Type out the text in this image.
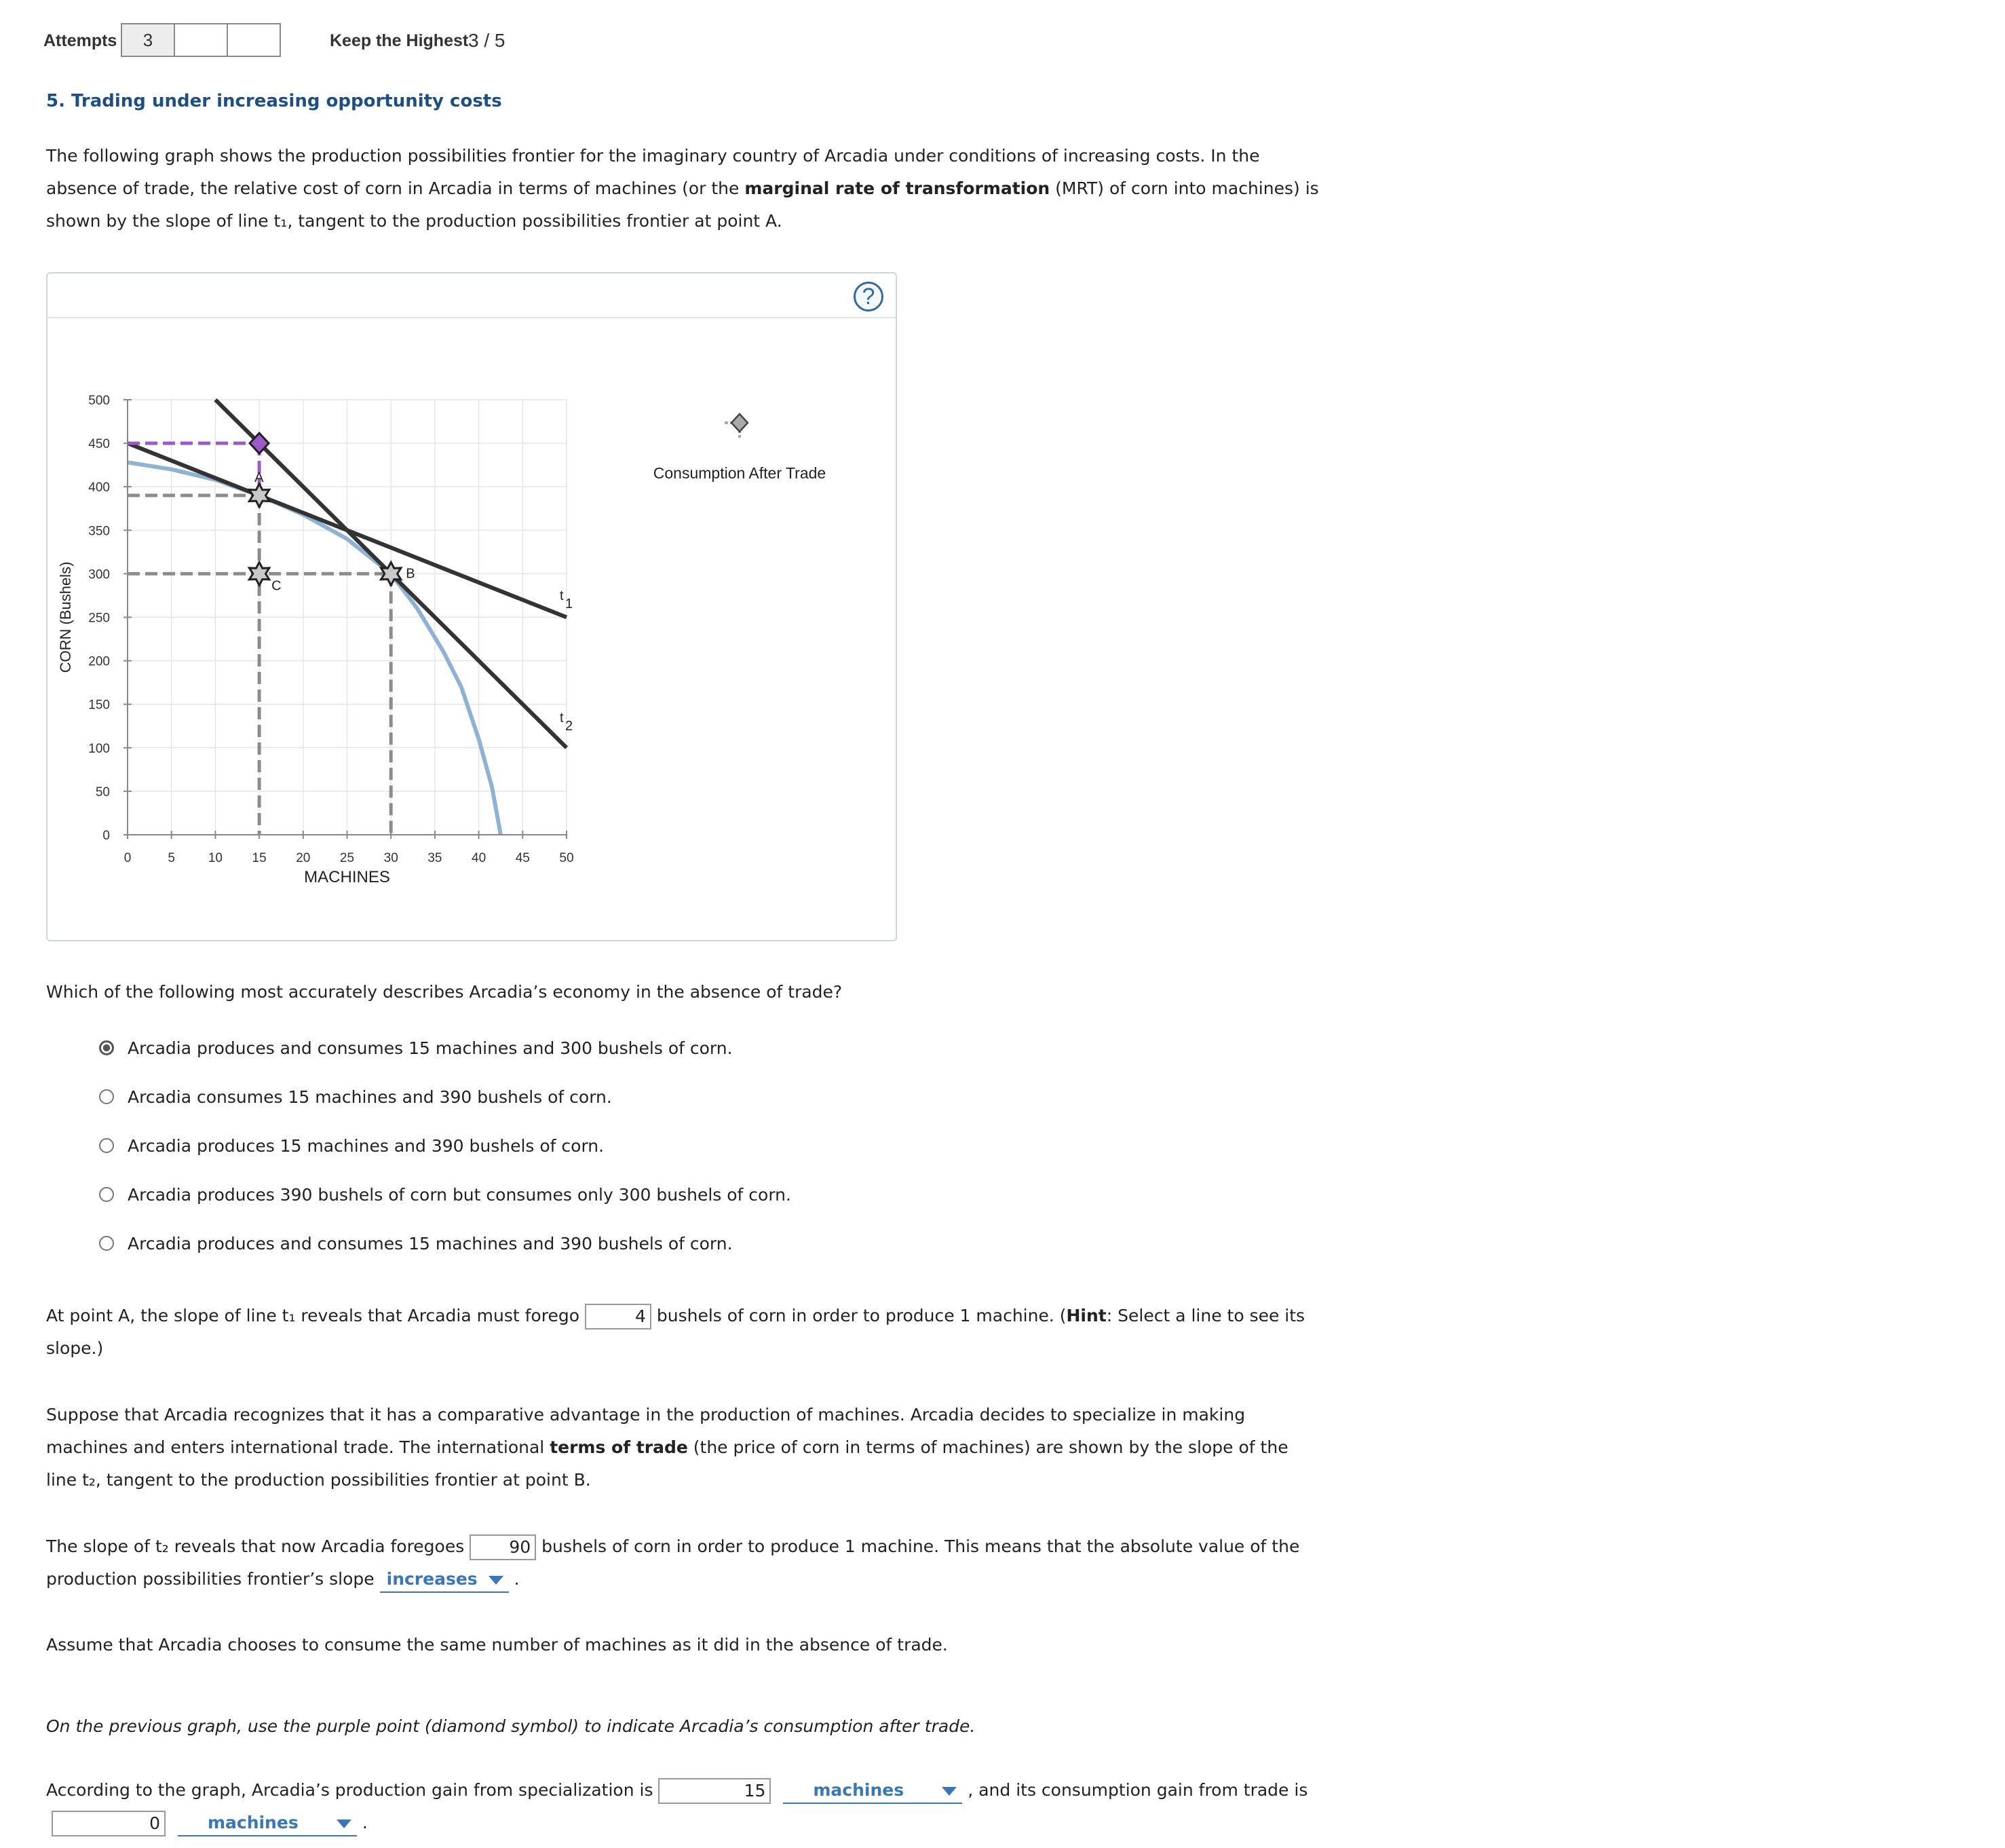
Attempts	3	Keep the Highest 3 / 5
5. Trading under increasing opportunity costs
The following graph shows the production possibilities frontier for the imaginary country of Arcadia under conditions of increasing costs. In the absence of trade, the relative cost of corn in Arcadia in terms of machines (or the marginal rate of transformation (MRT) of corn into machines) is shown by the slope of line t₁, tangent to the production possibilities frontier at point A.
?
0	5	10 15 20 25 30 35 40 45 50
0
50
100
150
200
250
300
350
400
450
500
MACHINES
CORN (Bushels)
A
B
C
t
1
t
2
Consumption After Trade
Which of the following most accurately describes Arcadia’s economy in the absence of trade?
Arcadia produces and consumes 15 machines and 300 bushels of corn.
Arcadia consumes 15 machines and 390 bushels of corn.
Arcadia produces 15 machines and 390 bushels of corn.
Arcadia produces 390 bushels of corn but consumes only 300 bushels of corn.
Arcadia produces and consumes 15 machines and 390 bushels of corn.
At point A, the slope of line t₁ reveals that Arcadia must forego	4 bushels of corn in order to produce 1 machine. (Hint: Select a line to see its slope.)
Suppose that Arcadia recognizes that it has a comparative advantage in the production of machines. Arcadia decides to specialize in making machines and enters international trade. The international terms of trade (the price of corn in terms of machines) are shown by the slope of the line t₂, tangent to the production possibilities frontier at point B.
The slope of t₂ reveals that now Arcadia foregoes 90 bushels of corn in order to produce 1 machine. This means that the absolute value of the production possibilities frontier’s slope increases
.
Assume that Arcadia chooses to consume the same number of machines as it did in the absence of trade.
On the previous graph, use the purple point (diamond symbol) to indicate Arcadia’s consumption after trade.
According to the graph, Arcadia’s production gain from specialization is	15	machines	, and its consumption gain from trade is
0	machines	.
